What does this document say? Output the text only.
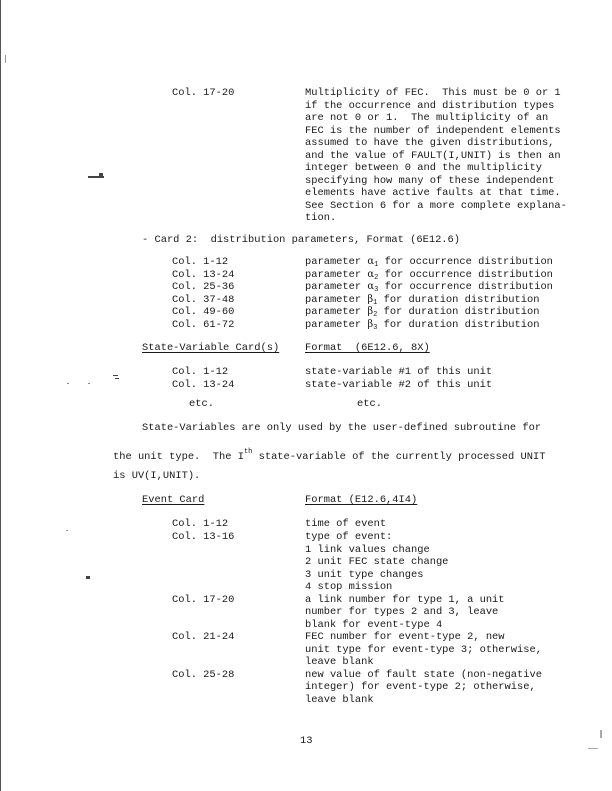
Col. 17-20	Multiplicity of FEC.  This must be 0 or 1
if the occurrence and distribution types
are not 0 or 1.  The multiplicity of an
FEC is the number of independent elements
assumed to have the given distributions,
and the value of FAULT(I,UNIT) is then an
integer between 0 and the multiplicity
specifying how many of these independent
elements have active faults at that time.
See Section 6 for a more complete explana-
tion.
- Card 2:  distribution parameters, Format (6E12.6)
Col. 1-12	parameter $\alpha_1$ for occurrence distribution
Col. 13-24	parameter $\alpha_2$ for occurrence distribution
Col. 25-36	parameter $\alpha_3$ for occurrence distribution
Col. 37-48	parameter $\beta_1$ for duration distribution
Col. 49-60	parameter $\beta_2$ for duration distribution
Col. 61-72	parameter $\beta_3$ for duration distribution
State-Variable Card(s) Format  (6E12.6, 8X)
Col. 1-12	state-variable #1 of this unit
Col. 13-24	state-variable #2 of this unit
etc.	etc.
State-Variables are only used by the user-defined subroutine for
the unit type.  The Ith state-variable of the currently processed UNIT
is UV(I,UNIT).
Event Card	Format (E12.6,4I4)
Col. 1-12	time of event
Col. 13-16	type of event:
1 link values change
2 unit FEC state change
3 unit type changes
4 stop mission
Col. 17-20	a link number for type 1, a unit
number for types 2 and 3, leave
blank for event-type 4
Col. 21-24	FEC number for event-type 2, new
unit type for event-type 3; otherwise,
leave blank
Col. 25-28	new value of fault state (non-negative
integer) for event-type 2; otherwise,
leave blank
13
